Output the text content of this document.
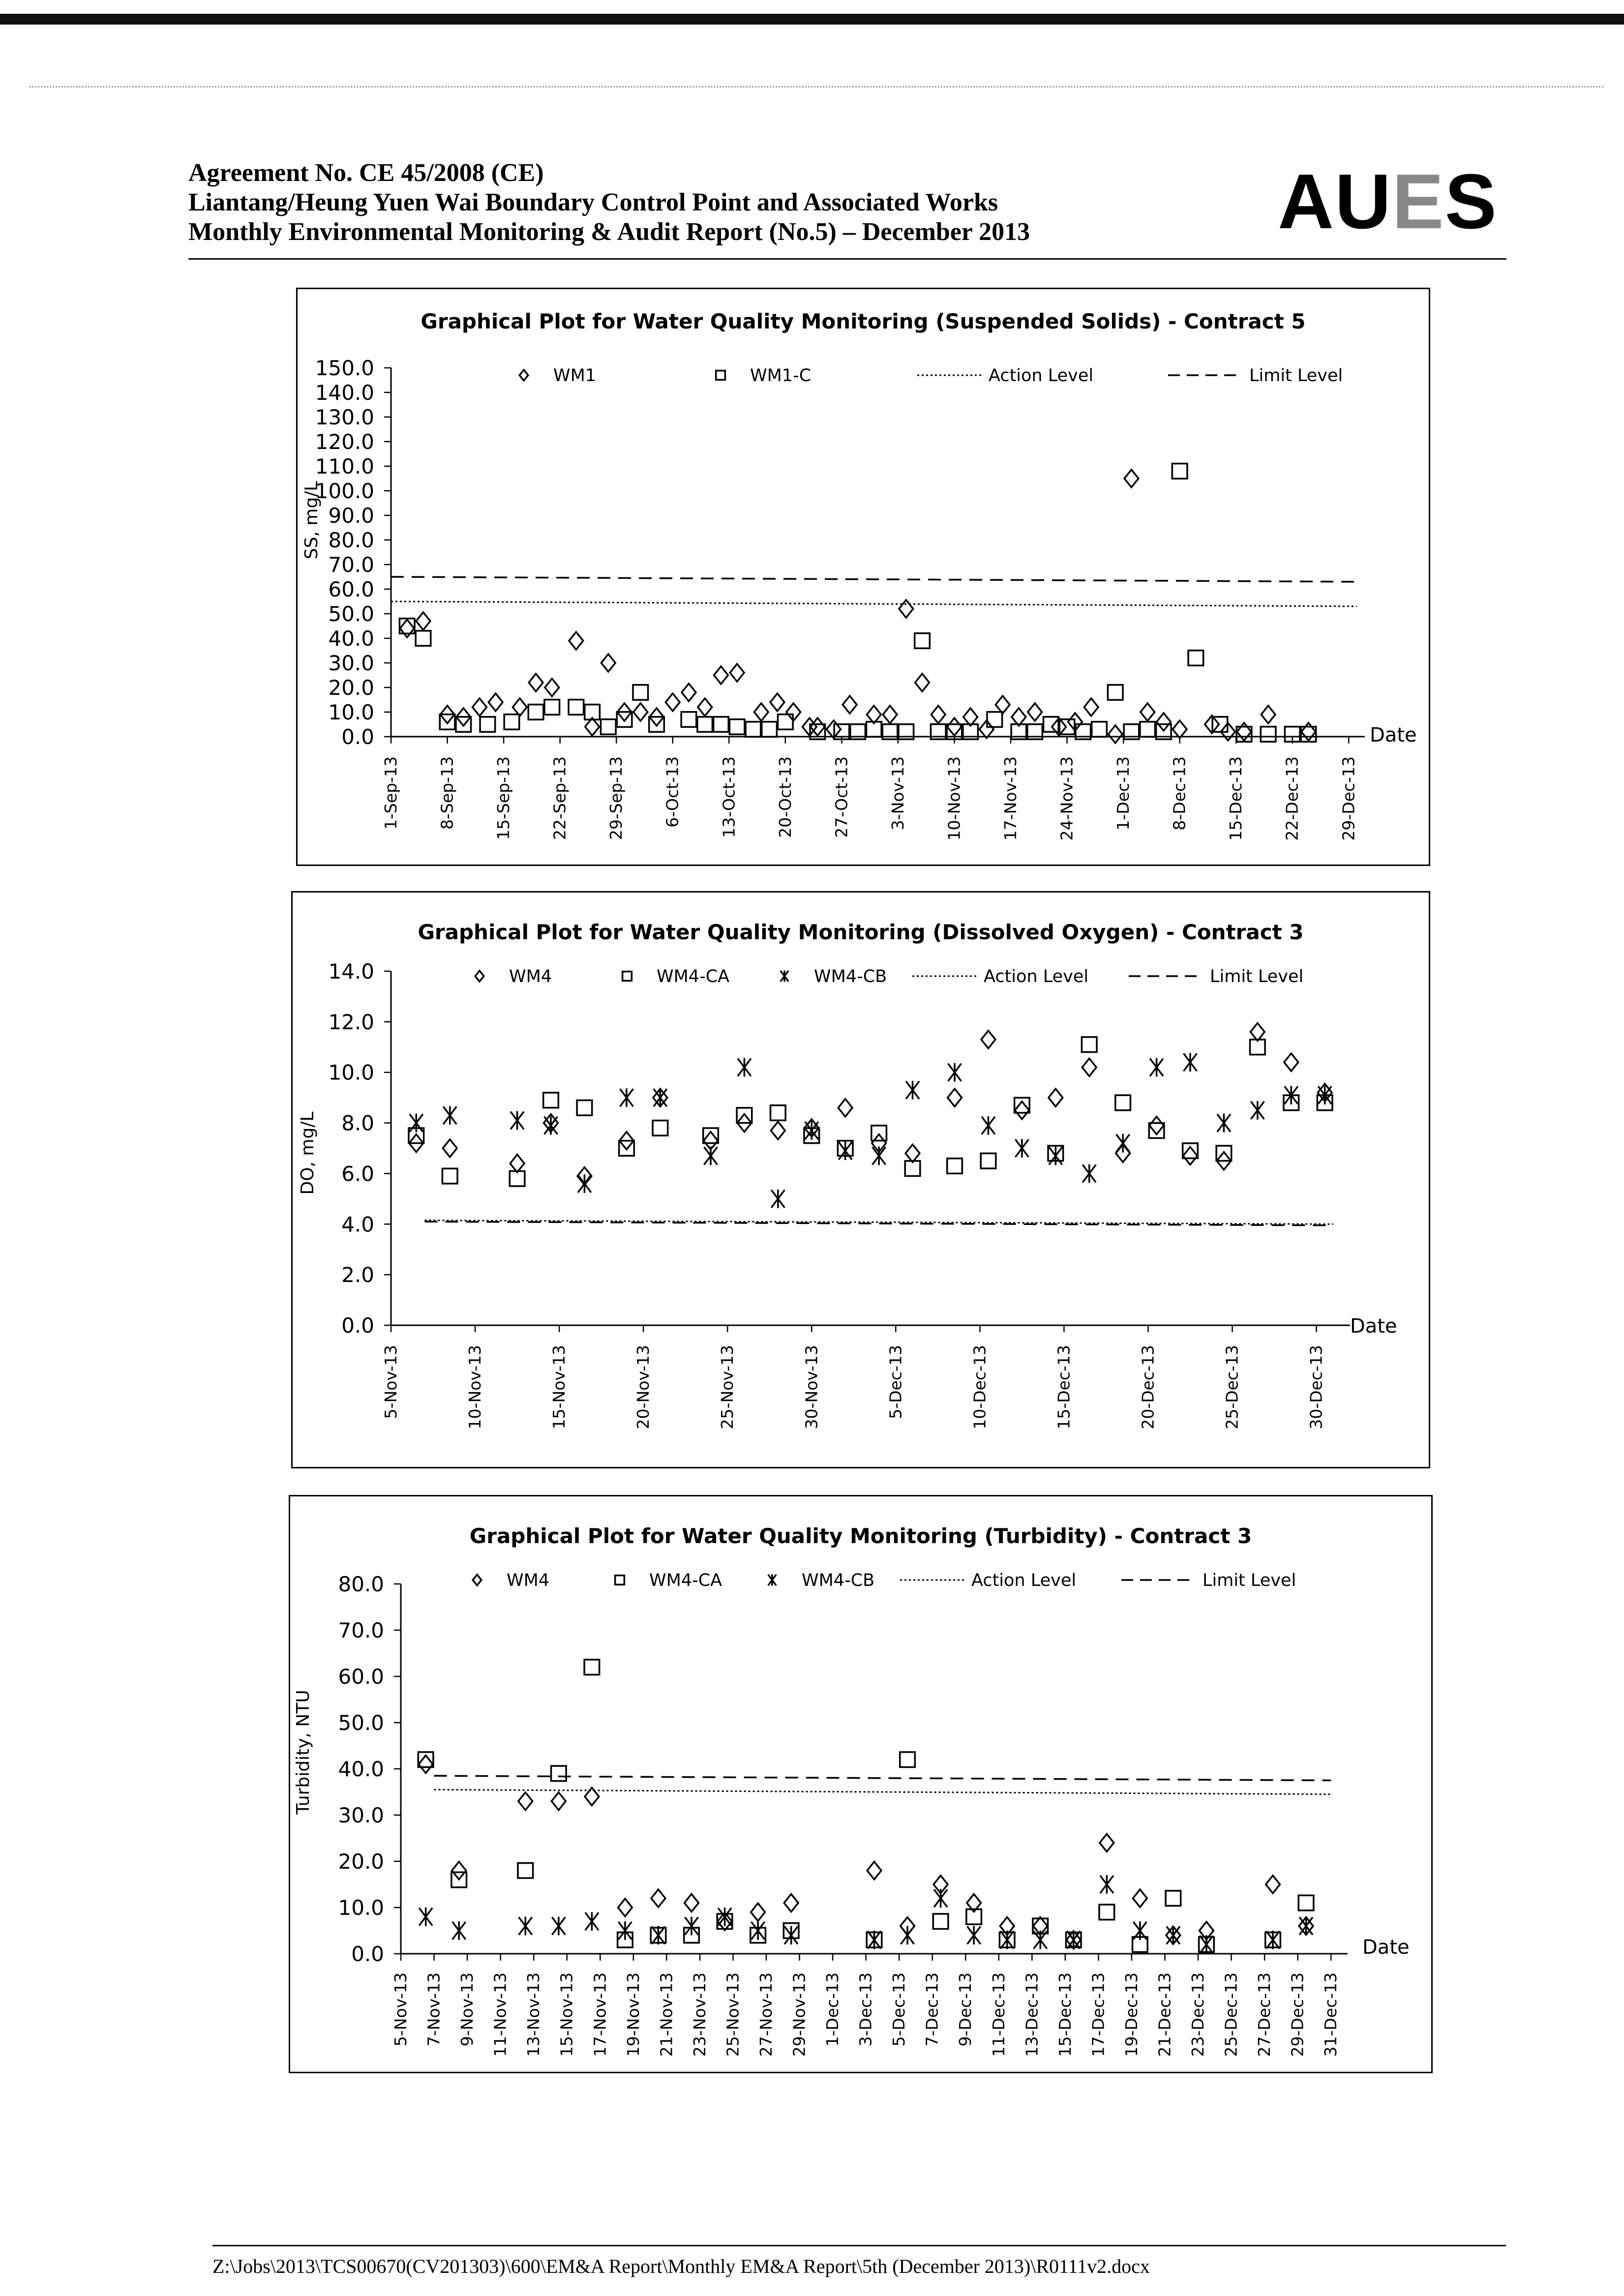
Agreement No. CE 45/2008 (CE)
Liantang/Heung Yuen Wai Boundary Control Point and Associated Works
Monthly Environmental Monitoring & Audit Report (No.5) – December 2013	AUES
Graphical Plot for Water Quality Monitoring (Suspended Solids) - Contract 5
0.0
10.0
20.0
30.0
40.0
50.0
60.0
70.0
80.0
90.0
100.0
110.0
120.0
130.0
140.0
150.0
1-Sep-13 8-Sep-13 15-Sep-13 22-Sep-13 29-Sep-13 6-Oct-13 13-Oct-13 20-Oct-13 27-Oct-13 3-Nov-13 10-Nov-13 17-Nov-13 24-Nov-13 1-Dec-13 8-Dec-13 15-Dec-13 22-Dec-13 29-Dec-13
SS, mg/L
Date
WM1	WM1-C	Action Level	Limit Level
Graphical Plot for Water Quality Monitoring (Dissolved Oxygen) - Contract 3
0.0
2.0
4.0
6.0
8.0
10.0
12.0
14.0
5-Nov-13	10-Nov-13	15-Nov-13	20-Nov-13	25-Nov-13	30-Nov-13	5-Dec-13	10-Dec-13	15-Dec-13	20-Dec-13	25-Dec-13	30-Dec-13
DO, mg/L
Date
WM4	WM4-CA	WM4-CB	Action Level	Limit Level
Graphical Plot for Water Quality Monitoring (Turbidity) - Contract 3
0.0
10.0
20.0
30.0
40.0
50.0
60.0
70.0
80.0
5-Nov-13 7-Nov-13 9-Nov-13 11-Nov-13 13-Nov-13 15-Nov-13 17-Nov-13 19-Nov-13 21-Nov-13 23-Nov-13 25-Nov-13 27-Nov-13 29-Nov-13 1-Dec-13 3-Dec-13 5-Dec-13 7-Dec-13 9-Dec-13 11-Dec-13 13-Dec-13 15-Dec-13 17-Dec-13 19-Dec-13 21-Dec-13 23-Dec-13 25-Dec-13 27-Dec-13 29-Dec-13 31-Dec-13
Turbidity, NTU
Date
WM4	WM4-CA	WM4-CB	Action Level	Limit Level
Z:\Jobs\2013\TCS00670(CV201303)\600\EM&A Report\Monthly EM&A Report\5th (December 2013)\R0111v2.docx
